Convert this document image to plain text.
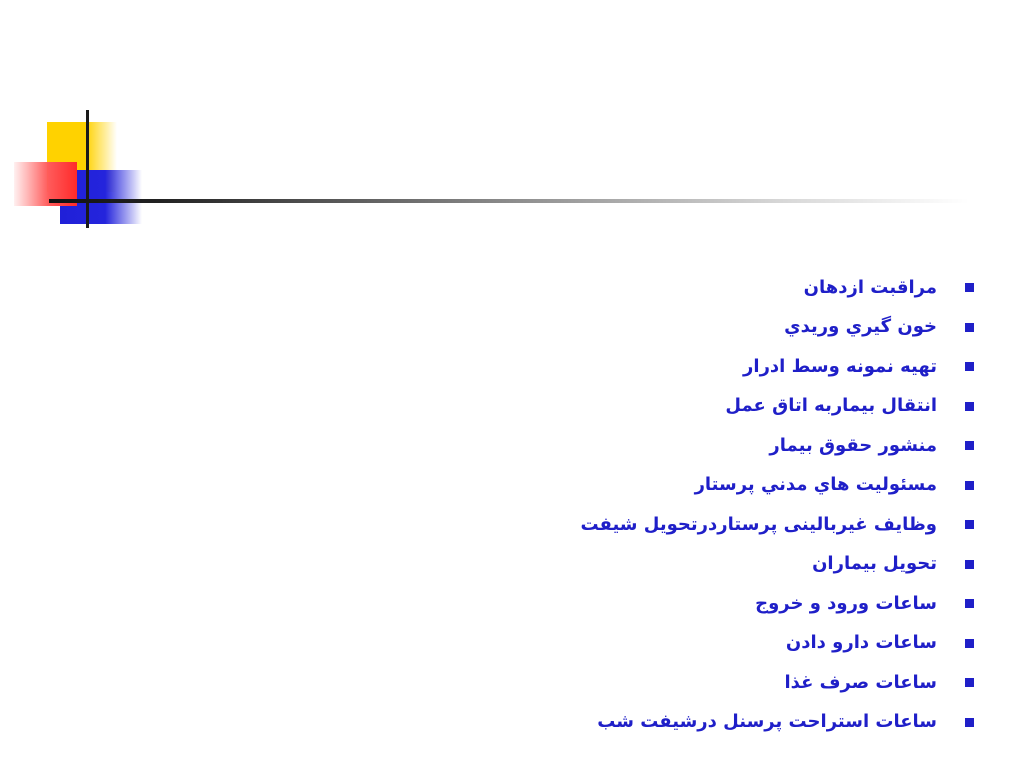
مراقبت ازدهان
خون گيري وريدي
تهيه نمونه وسط ادرار
انتقال بيماربه اتاق عمل
منشور حقوق بيمار
مسئوليت هاي مدني پرستار
وظايف غيربالينی پرستاردرتحويل شيفت
تحويل بيماران
ساعات ورود و خروج
ساعات دارو دادن
ساعات صرف غذا
ساعات استراحت پرسنل درشيفت شب
